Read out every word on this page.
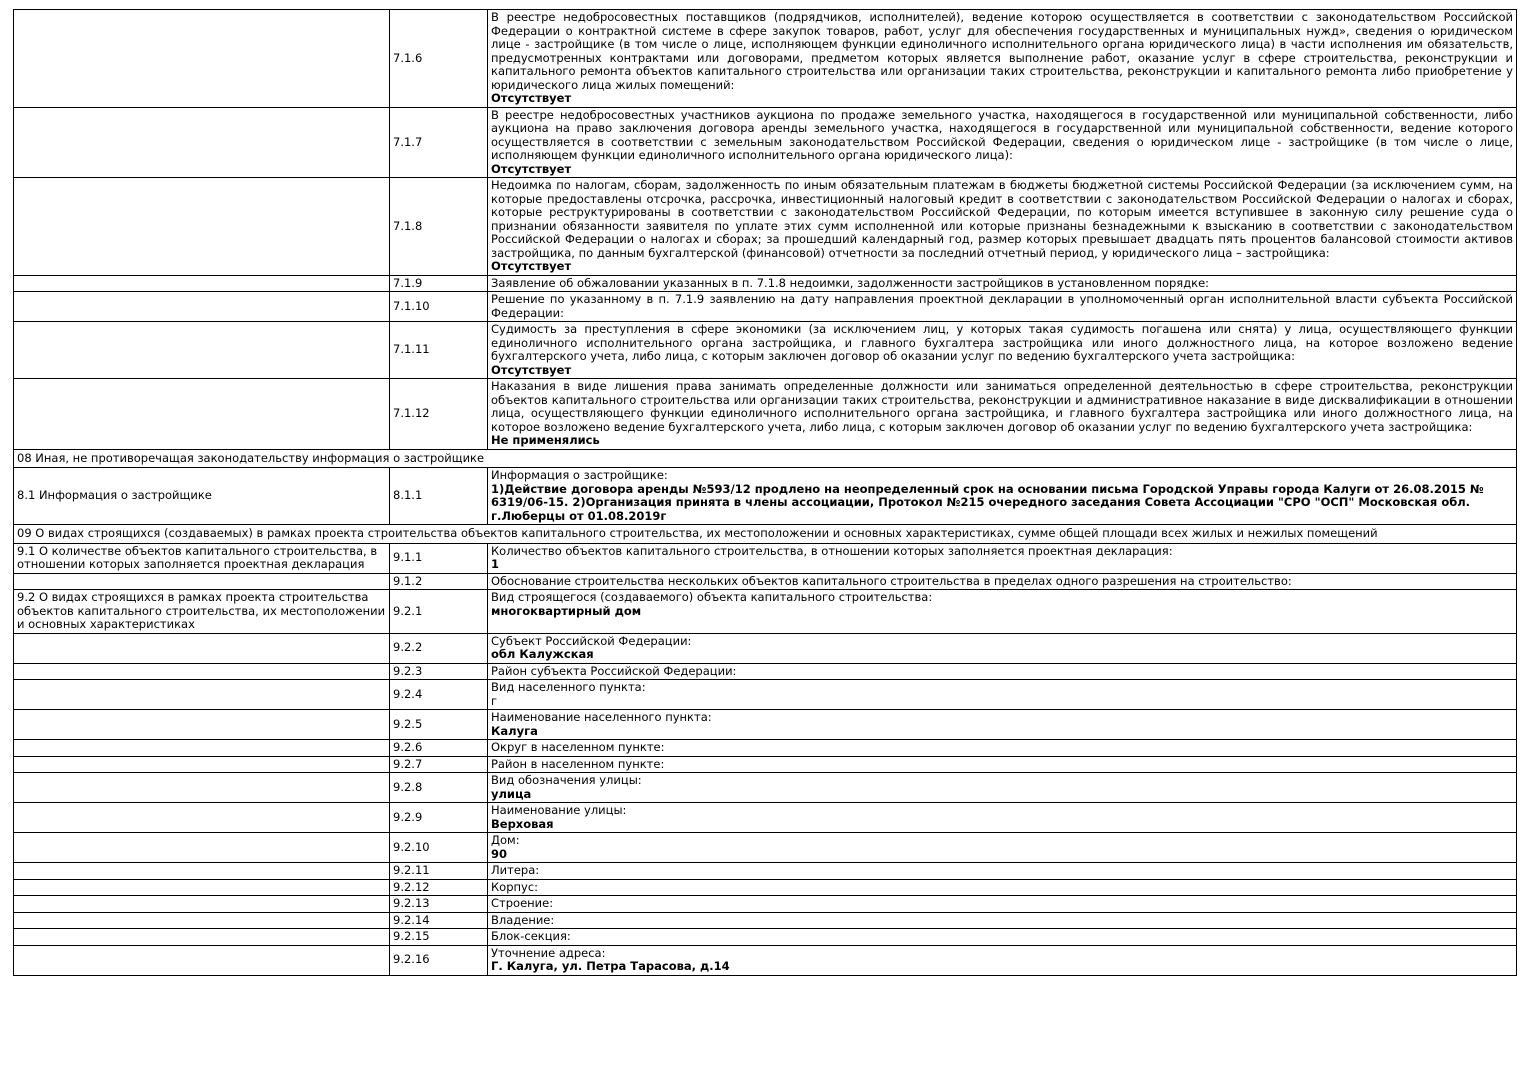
	7.1.6	В реестре недобросовестных поставщиков (подрядчиков, исполнителей), ведение которою осуществляется в соответствии с законодательством Российской Федерации о контрактной системе в сфере закупок товаров, работ, услуг для обеспечения государственных и муниципальных нужд», сведения о юридическом лице - застройщике (в том числе о лице, исполняющем функции единоличного исполнительного органа юридического лица) в части исполнения им обязательств, предусмотренных контрактами или договорами, предметом которых является выполнение работ, оказание услуг в сфере строительства, реконструкции и капитального ремонта объектов капитального строительства или организации таких строительства, реконструкции и капитального ремонта либо приобретение у юридического лица жилых помещений:
Отсутствует

	7.1.7	В реестре недобросовестных участников аукциона по продаже земельного участка, находящегося в государственной или муниципальной собственности, либо аукциона на право заключения договора аренды земельного участка, находящегося в государственной или муниципальной собственности, ведение которого осуществляется в соответствии с земельным законодательством Российской Федерации, сведения о юридическом лице - застройщике (в том числе о лице, исполняющем функции единоличного исполнительного органа юридического лица):
Отсутствует

	7.1.8	Недоимка по налогам, сборам, задолженность по иным обязательным платежам в бюджеты бюджетной системы Российской Федерации (за исключением сумм, на которые предоставлены отсрочка, рассрочка, инвестиционный налоговый кредит в соответствии с законодательством Российской Федерации о налогах и сборах, которые реструктурированы в соответствии с законодательством Российской Федерации, по которым имеется вступившее в законную силу решение суда о признании обязанности заявителя по уплате этих сумм исполненной или которые признаны безнадежными к взысканию в соответствии с законодательством Российской Федерации о налогах и сборах; за прошедший календарный год, размер которых превышает двадцать пять процентов балансовой стоимости активов застройщика, по данным бухгалтерской (финансовой) отчетности за последний отчетный период, у юридического лица – застройщика:
Отсутствует

	7.1.9	Заявление об обжаловании указанных в п. 7.1.8 недоимки, задолженности застройщиков в установленном порядке:

	7.1.10	Решение по указанному в п. 7.1.9 заявлению на дату направления проектной декларации в уполномоченный орган исполнительной власти субъекта Российской Федерации:

	7.1.11	Судимость за преступления в сфере экономики (за исключением лиц, у которых такая судимость погашена или снята) у лица, осуществляющего функции единоличного исполнительного органа застройщика, и главного бухгалтера застройщика или иного должностного лица, на которое возложено ведение бухгалтерского учета, либо лица, с которым заключен договор об оказании услуг по ведению бухгалтерского учета застройщика:
Отсутствует

	7.1.12	Наказания в виде лишения права занимать определенные должности или заниматься определенной деятельностью в сфере строительства, реконструкции объектов капитального строительства или организации таких строительства, реконструкции и административное наказание в виде дисквалификации в отношении лица, осуществляющего функции единоличного исполнительного органа застройщика, и главного бухгалтера застройщика или иного должностного лица, на которое возложено ведение бухгалтерского учета, либо лица, с которым заключен договор об оказании услуг по ведению бухгалтерского учета застройщика:
Не применялись

08 Иная, не противоречащая законодательству информация о застройщике		
8.1 Информация о застройщике	8.1.1	Информация о застройщике:
1)Действие договора аренды №593/12 продлено на неопределенный срок на основании письма Городской Управы города Калуги от 26.08.2015 № 6319/06-15. 2)Организация принята в члены ассоциации, Протокол №215 очередного заседания Совета Ассоциации "СРО "ОСП" Московская обл. г.Люберцы от 01.08.2019г

09 О видах строящихся (создаваемых) в рамках проекта строительства объектов капитального строительства, их местоположении и основных характеристиках, сумме общей площади всех жилых и нежилых помещений		
9.1 О количестве объектов капитального строительства, в отношении которых заполняется проектная декларация	9.1.1	Количество объектов капитального строительства, в отношении которых заполняется проектная декларация:
1

	9.1.2	Обоснование строительства нескольких объектов капитального строительства в пределах одного разрешения на строительство:

9.2 О видах строящихся в рамках проекта строительства объектов капитального строительства, их местоположении и основных характеристиках	9.2.1	Вид строящегося (создаваемого) объекта капитального строительства:
многоквартирный дом

	9.2.2	Субъект Российской Федерации:
обл Калужская

	9.2.3	Район субъекта Российской Федерации:

	9.2.4	Вид населенного пункта:
г

	9.2.5	Наименование населенного пункта:
Калуга

	9.2.6	Округ в населенном пункте:

	9.2.7	Район в населенном пункте:

	9.2.8	Вид обозначения улицы:
улица

	9.2.9	Наименование улицы:
Верховая

	9.2.10	Дом:
90

	9.2.11	Литера:

	9.2.12	Корпус:

	9.2.13	Строение:

	9.2.14	Владение:

	9.2.15	Блок-секция:

	9.2.16	Уточнение адреса:
Г. Калуга, ул. Петра Тарасова, д.14
